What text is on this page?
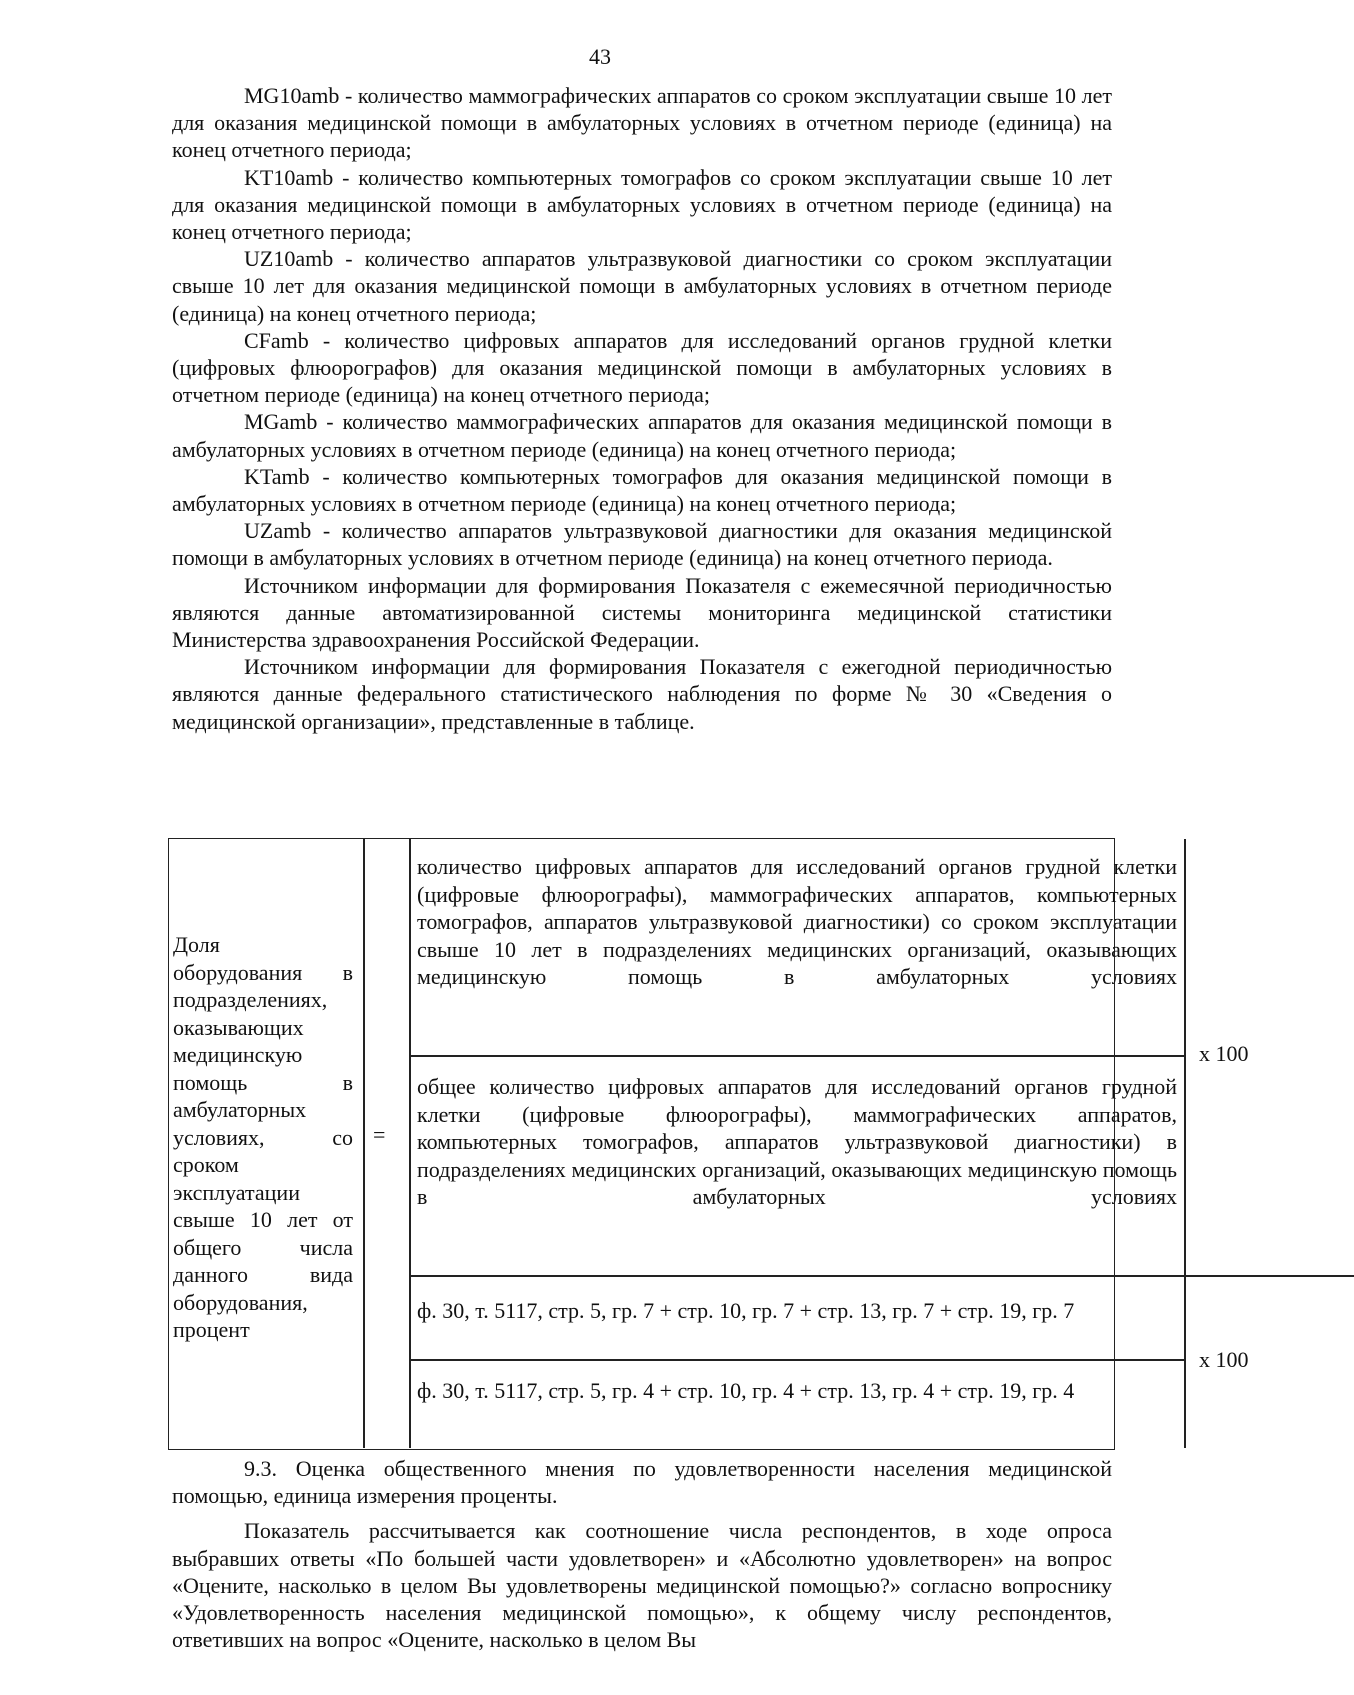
43

MG10amb - количество маммографических аппаратов со сроком эксплуатации свыше 10 лет для оказания медицинской помощи в амбулаторных условиях в отчетном периоде (единица) на конец отчетного периода;

KT10amb - количество компьютерных томографов со сроком эксплуатации свыше 10 лет для оказания медицинской помощи в амбулаторных условиях в отчетном периоде (единица) на конец отчетного периода;

UZ10amb - количество аппаратов ультразвуковой диагностики со сроком эксплуатации свыше 10 лет для оказания медицинской помощи в амбулаторных условиях в отчетном периоде (единица) на конец отчетного периода;

CFamb - количество цифровых аппаратов для исследований органов грудной клетки (цифровых флюорографов) для оказания медицинской помощи в амбулаторных условиях в отчетном периоде (единица) на конец отчетного периода;

MGamb - количество маммографических аппаратов для оказания медицинской помощи в амбулаторных условиях в отчетном периоде (единица) на конец отчетного периода;

KTamb - количество компьютерных томографов для оказания медицинской помощи в амбулаторных условиях в отчетном периоде (единица) на конец отчетного периода;

UZamb - количество аппаратов ультразвуковой диагностики для оказания медицинской помощи в амбулаторных условиях в отчетном периоде (единица) на конец отчетного периода.

Источником информации для формирования Показателя с ежемесячной периодичностью являются данные автоматизированной системы мониторинга медицинской статистики Министерства здравоохранения Российской Федерации.

Источником информации для формирования Показателя с ежегодной периодичностью являются данные федерального статистического наблюдения по форме № 30 «Сведения о медицинской организации», представленные в таблице.

Доля
оборудования в
подразделениях,
оказывающих
медицинскую
помощь в
амбулаторных
условиях, со
сроком
эксплуатации
свыше 10 лет от
общего числа
данного вида
оборудования,
процент
=
количество цифровых аппаратов для исследований органов грудной клетки (цифровые флюорографы), маммографических аппаратов, компьютерных томографов, аппаратов ультразвуковой диагностики) со сроком эксплуатации свыше 10 лет в подразделениях медицинских организаций, оказывающих медицинскую помощь в амбулаторных условиях
общее количество цифровых аппаратов для исследований органов грудной клетки (цифровые флюорографы), маммографических аппаратов, компьютерных томографов, аппаратов ультразвуковой диагностики) в подразделениях медицинских организаций, оказывающих медицинскую помощь в амбулаторных условиях
x 100
ф. 30, т. 5117, стр. 5, гр. 7 + стр. 10, гр. 7 + стр. 13, гр. 7 + стр. 19, гр. 7
ф. 30, т. 5117, стр. 5, гр. 4 + стр. 10, гр. 4 + стр. 13, гр. 4 + стр. 19, гр. 4
x 100

9.3. Оценка общественного мнения по удовлетворенности населения медицинской помощью, единица измерения проценты.

Показатель рассчитывается как соотношение числа респондентов, в ходе опроса выбравших ответы «По большей части удовлетворен» и «Абсолютно удовлетворен» на вопрос «Оцените, насколько в целом Вы удовлетворены медицинской помощью?» согласно вопроснику «Удовлетворенность населения медицинской помощью», к общему числу респондентов, ответивших на вопрос «Оцените, насколько в целом Вы
